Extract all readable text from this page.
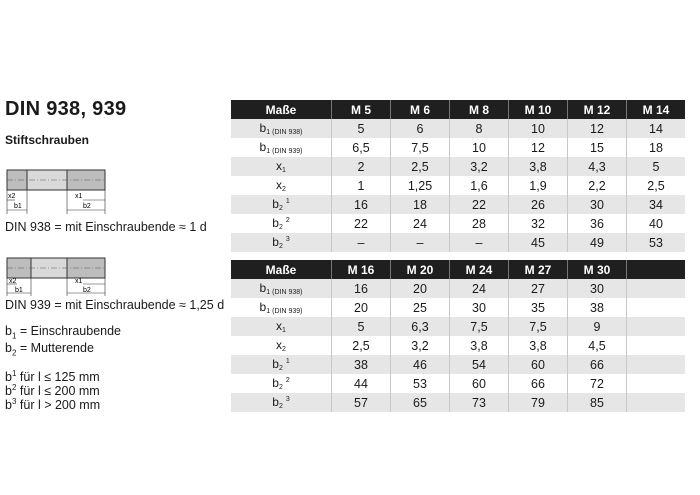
DIN 938, 939
Stiftschrauben
x2
b1
x1
b2
DIN 938 = mit Einschraubende ≈ 1 d
x2
b1
x1
b2
DIN 939 = mit Einschraubende ≈ 1,25 d
$b_1$ = Einschraubende
$b_2$ = Mutterende
$b^1$ für l ≤ 125 mm
$b^2$ für l ≤ 200 mm
$b^3$ für l > 200 mm
Maße	M 5	M 6	M 8	M 10	M 12	M 14
b1 (DIN 938)	5	6	8	10	12	14
b1 (DIN 939)	6,5	7,5	10	12	15	18
x1	2	2,5	3,2	3,8	4,3	5
x2	1	1,25	1,6	1,9	2,2	2,5
$b2^1$	16	18	22	26	30	34
$b2^2$	22	24	28	32	36	40
$b2^3$	–	–	–	45	49	53
Maße	M 16	M 20	M 24	M 27	M 30	
b1 (DIN 938)	16	20	24	27	30	
b1 (DIN 939)	20	25	30	35	38	
x1	5	6,3	7,5	7,5	9	
x2	2,5	3,2	3,8	3,8	4,5	
$b2^1$	38	46	54	60	66	
$b2^2$	44	53	60	66	72	
$b2^3$	57	65	73	79	85	
